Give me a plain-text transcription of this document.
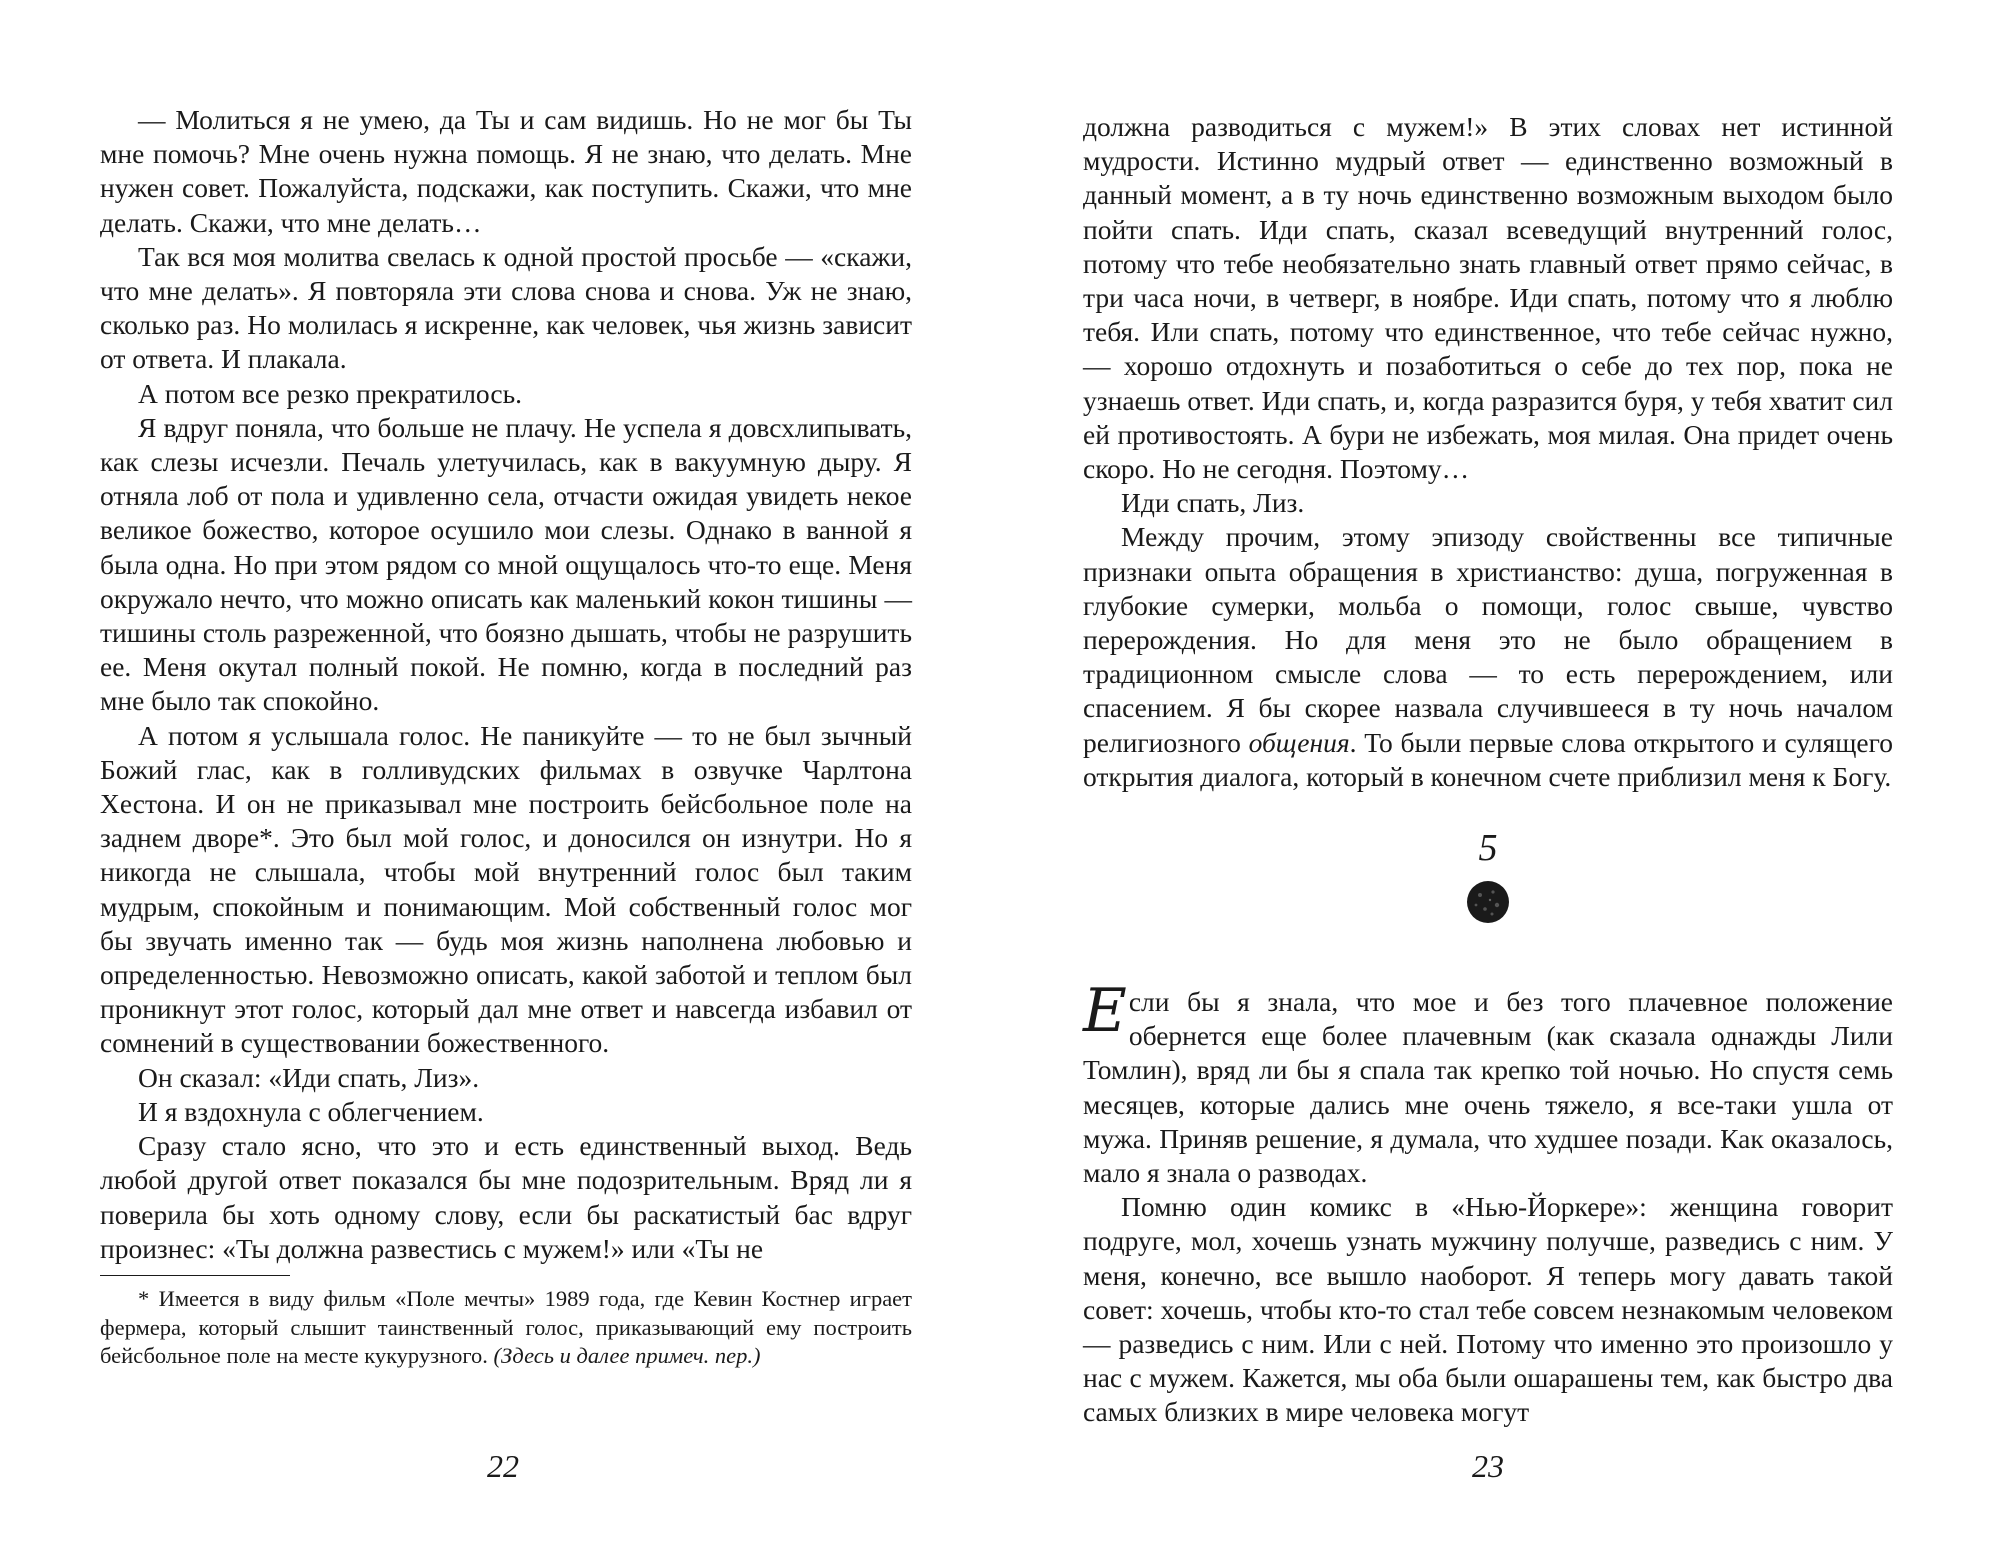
— Молиться я не умею, да Ты и сам видишь. Но не мог бы Ты мне помочь? Мне очень нужна помощь. Я не знаю, что делать. Мне нужен совет. Пожалуйста, подскажи, как поступить. Скажи, что мне делать. Скажи, что мне делать…

Так вся моя молитва свелась к одной простой просьбе — «скажи, что мне делать». Я повторяла эти слова снова и снова. Уж не знаю, сколько раз. Но молилась я искренне, как человек, чья жизнь зависит от ответа. И плакала.

А потом все резко прекратилось.

Я вдруг поняла, что больше не плачу. Не успела я довсхлипывать, как слезы исчезли. Печаль улетучилась, как в вакуумную дыру. Я отняла лоб от пола и удивленно села, отчасти ожидая увидеть некое великое божество, которое осушило мои слезы. Однако в ванной я была одна. Но при этом рядом со мной ощущалось что-то еще. Меня окружало нечто, что можно описать как маленький кокон тишины — тишины столь разреженной, что боязно дышать, чтобы не разрушить ее. Меня окутал полный покой. Не помню, когда в последний раз мне было так спокойно.

А потом я услышала голос. Не паникуйте — то не был зычный Божий глас, как в голливудских фильмах в озвучке Чарлтона Хестона. И он не приказывал мне построить бейсбольное поле на заднем дворе*. Это был мой голос, и доносился он изнутри. Но я никогда не слышала, чтобы мой внутренний голос был таким мудрым, спокойным и понимающим. Мой собственный голос мог бы звучать именно так — будь моя жизнь наполнена любовью и определенностью. Невозможно описать, какой заботой и теплом был проникнут этот голос, который дал мне ответ и навсегда избавил от сомнений в существовании божественного.

Он сказал: «Иди спать, Лиз».

И я вздохнула с облегчением.

Сразу стало ясно, что это и есть единственный выход. Ведь любой другой ответ показался бы мне подозрительным. Вряд ли я поверила бы хоть одному слову, если бы раскатистый бас вдруг произнес: «Ты должна развестись с мужем!» или «Ты не

* Имеется в виду фильм «Поле мечты» 1989 года, где Кевин Костнер играет фермера, который слышит таинственный голос, приказывающий ему построить бейсбольное поле на месте кукурузного. (Здесь и далее примеч. пер.)

22

должна разводиться с мужем!» В этих словах нет истинной мудрости. Истинно мудрый ответ — единственно возможный в данный момент, а в ту ночь единственно возможным выходом было пойти спать. Иди спать, сказал всеведущий внутренний голос, потому что тебе необязательно знать главный ответ прямо сейчас, в три часа ночи, в четверг, в ноябре. Иди спать, потому что я люблю тебя. Или спать, потому что единственное, что тебе сейчас нужно, — хорошо отдохнуть и позаботиться о себе до тех пор, пока не узнаешь ответ. Иди спать, и, когда разразится буря, у тебя хватит сил ей противостоять. А бури не избежать, моя милая. Она придет очень скоро. Но не сегодня. Поэтому…

Иди спать, Лиз.

Между прочим, этому эпизоду свойственны все типичные признаки опыта обращения в христианство: душа, погруженная в глубокие сумерки, мольба о помощи, голос свыше, чувство перерождения. Но для меня это не было обращением в традиционном смысле слова — то есть перерождением, или спасением. Я бы скорее назвала случившееся в ту ночь началом религиозного общения. То были первые слова открытого и сулящего открытия диалога, который в конечном счете приблизил меня к Богу.

5

Если бы я знала, что мое и без того плачевное положение обернется еще более плачевным (как сказала однажды Лили Томлин), вряд ли бы я спала так крепко той ночью. Но спустя семь месяцев, которые дались мне очень тяжело, я все-таки ушла от мужа. Приняв решение, я думала, что худшее позади. Как оказалось, мало я знала о разводах.

Помню один комикс в «Нью-Йоркере»: женщина говорит подруге, мол, хочешь узнать мужчину получше, разведись с ним. У меня, конечно, все вышло наоборот. Я теперь могу давать такой совет: хочешь, чтобы кто-то стал тебе совсем незнакомым человеком — разведись с ним. Или с ней. Потому что именно это произошло у нас с мужем. Кажется, мы оба были ошарашены тем, как быстро два самых близких в мире человека могут

23
